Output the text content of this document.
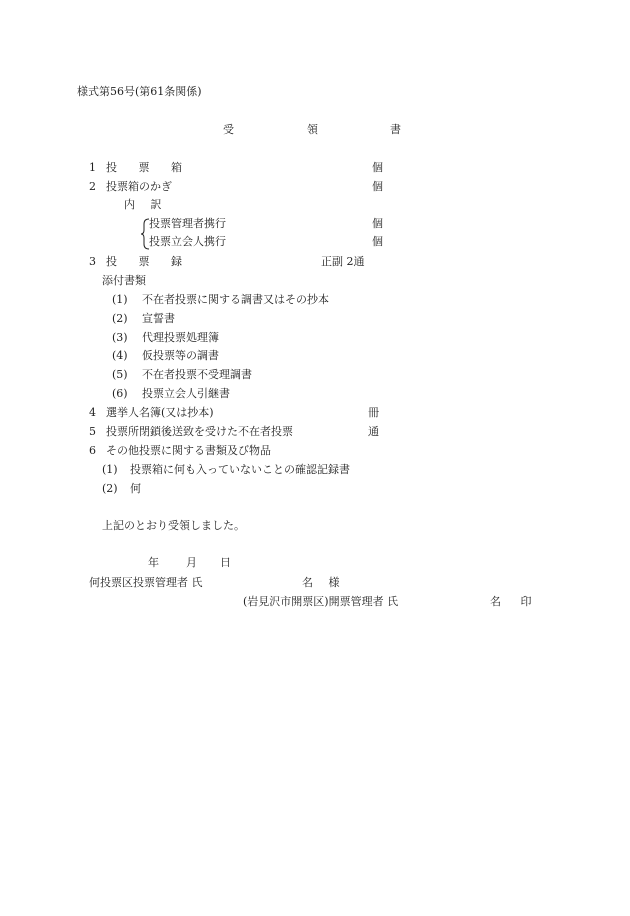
様式第56号(第61条関係)
受	領	書
1 投 票 箱	個
2 投票箱のかぎ	個
内 訳
投票管理者携行	個
投票立会人携行	個
3 投 票 録	正副 2通
添付書類
(1) 不在者投票に関する調書又はその抄本
(2) 宣誓書
(3) 代理投票処理簿
(4) 仮投票等の調書
(5) 不在者投票不受理調書
(6) 投票立会人引継書
4 選挙人名簿(又は抄本)	冊
5 投票所閉鎖後送致を受けた不在者投票	通
6 その他投票に関する書類及び物品
(1) 投票箱に何も入っていないことの確認記録書
(2) 何
上記のとおり受領しました。
年 月 日
何投票区投票管理者 氏	名 様
(岩見沢市開票区)開票管理者 氏	名 印
